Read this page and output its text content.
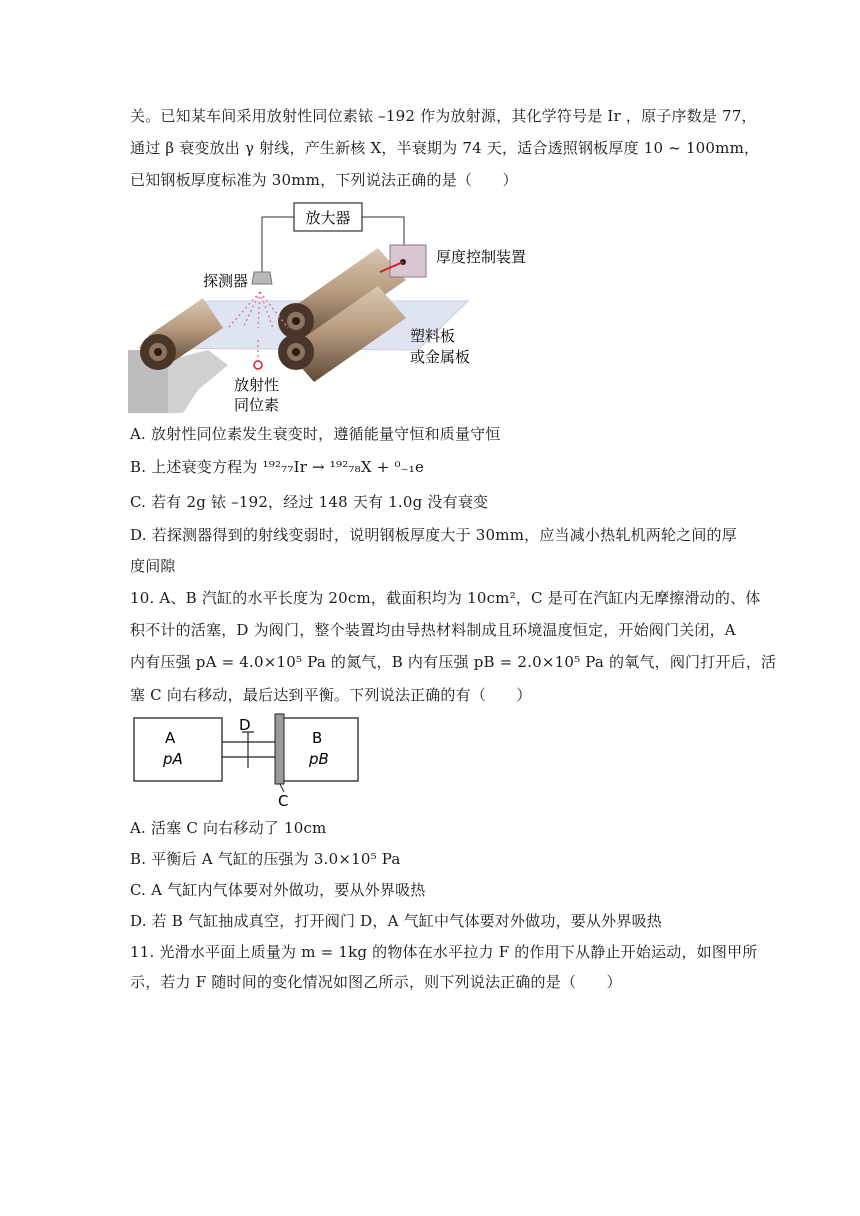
关。已知某车间采用放射性同位素铱 –192 作为放射源，其化学符号是 Ir ，原子序数是 77，
通过 β 衰变放出 γ 射线，产生新核 X，半衰期为 74 天，适合透照钢板厚度 10 ~ 100mm，
已知钢板厚度标准为 30mm，下列说法正确的是（　　）
放大器
厚度控制装置
探测器
放射性
同位素
塑料板
或金属板
A. 放射性同位素发生衰变时，遵循能量守恒和质量守恒
B. 上述衰变方程为 ¹⁹²₇₇Ir → ¹⁹²₇₈X + ⁰₋₁e
C. 若有 2g 铱 –192，经过 148 天有 1.0g 没有衰变
D. 若探测器得到的射线变弱时，说明钢板厚度大于 30mm，应当减小热轧机两轮之间的厚
度间隙
10. A、B 汽缸的水平长度为 20cm，截面积均为 10cm²，C 是可在汽缸内无摩擦滑动的、体
积不计的活塞，D 为阀门，整个装置均由导热材料制成且环境温度恒定，开始阀门关闭，A
内有压强 pA = 4.0×10⁵ Pa 的氮气，B 内有压强 pB = 2.0×10⁵ Pa 的氧气，阀门打开后，活
塞 C 向右移动，最后达到平衡。下列说法正确的有（　　）
A
pA
B
pB
D
C
A. 活塞 C 向右移动了 10cm
B. 平衡后 A 气缸的压强为 3.0×10⁵ Pa
C. A 气缸内气体要对外做功，要从外界吸热
D. 若 B 气缸抽成真空，打开阀门 D，A 气缸中气体要对外做功，要从外界吸热
11. 光滑水平面上质量为 m = 1kg 的物体在水平拉力 F 的作用下从静止开始运动，如图甲所
示，若力 F 随时间的变化情况如图乙所示，则下列说法正确的是（　　）
